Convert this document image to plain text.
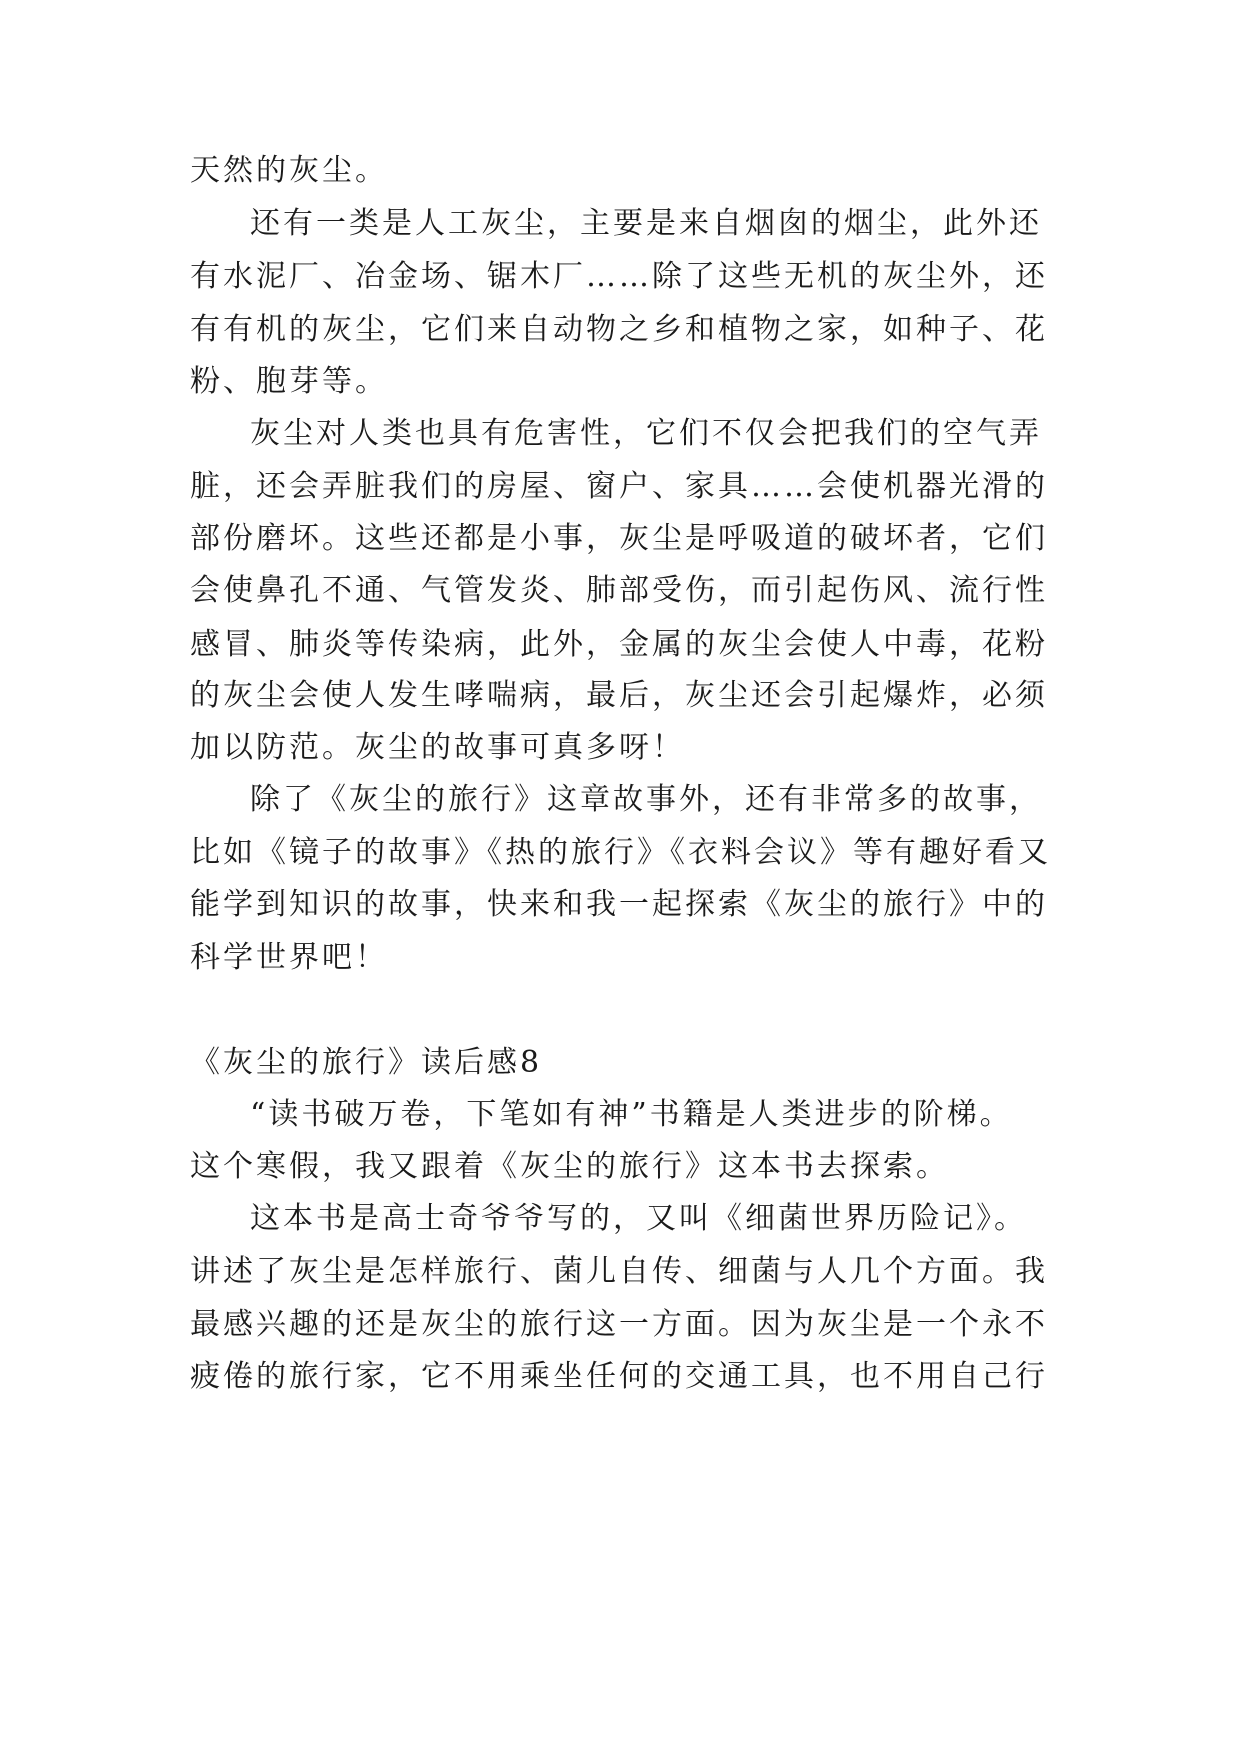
天然的灰尘。
还有一类是人工灰尘，主要是来自烟囱的烟尘，此外还
有水泥厂、冶金场、锯木厂……除了这些无机的灰尘外，还
有有机的灰尘，它们来自动物之乡和植物之家，如种子、花
粉、胞芽等。
灰尘对人类也具有危害性，它们不仅会把我们的空气弄
脏，还会弄脏我们的房屋、窗户、家具……会使机器光滑的
部份磨坏。这些还都是小事，灰尘是呼吸道的破坏者，它们
会使鼻孔不通、气管发炎、肺部受伤，而引起伤风、流行性
感冒、肺炎等传染病，此外，金属的灰尘会使人中毒，花粉
的灰尘会使人发生哮喘病，最后，灰尘还会引起爆炸，必须
加以防范。灰尘的故事可真多呀！
除了《灰尘的旅行》这章故事外，还有非常多的故事，
比如《镜子的故事》《热的旅行》《衣料会议》等有趣好看又
能学到知识的故事，快来和我一起探索《灰尘的旅行》中的
科学世界吧！
《灰尘的旅行》读后感8
“读书破万卷，下笔如有神”书籍是人类进步的阶梯。
这个寒假，我又跟着《灰尘的旅行》这本书去探索。
这本书是高士奇爷爷写的，又叫《细菌世界历险记》。
讲述了灰尘是怎样旅行、菌儿自传、细菌与人几个方面。我
最感兴趣的还是灰尘的旅行这一方面。因为灰尘是一个永不
疲倦的旅行家，它不用乘坐任何的交通工具，也不用自己行
